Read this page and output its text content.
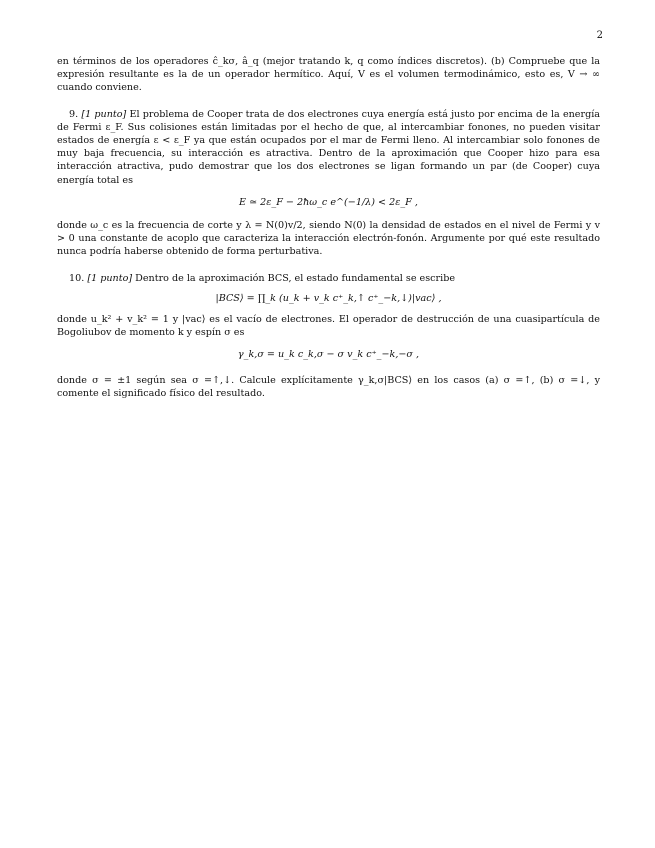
2

en términos de los operadores ĉ_kσ, â_q (mejor tratando k, q como índices discretos). (b) Compruebe que la expresión resultante es la de un operador hermítico. Aquí, V es el volumen termodinámico, esto es, V → ∞ cuando conviene.

9. [1 punto] El problema de Cooper trata de dos electrones cuya energía está justo por encima de la energía de Fermi ε_F. Sus colisiones están limitadas por el hecho de que, al intercambiar fonones, no pueden visitar estados de energía ε < ε_F ya que están ocupados por el mar de Fermi lleno. Al intercambiar solo fonones de muy baja frecuencia, su interacción es atractiva. Dentro de la aproximación que Cooper hizo para esa interacción atractiva, pudo demostrar que los dos electrones se ligan formando un par (de Cooper) cuya energía total es

E ≃ 2ε_F − 2ħω_c e^(−1/λ) < 2ε_F ,

donde ω_c es la frecuencia de corte y λ = N(0)v/2, siendo N(0) la densidad de estados en el nivel de Fermi y v > 0 una constante de acoplo que caracteriza la interacción electrón-fonón. Argumente por qué este resultado nunca podría haberse obtenido de forma perturbativa.

10. [1 punto] Dentro de la aproximación BCS, el estado fundamental se escribe

|BCS⟩ = ∏_k (u_k + v_k c⁺_k,↑ c⁺_−k,↓)|vac⟩ ,

donde u_k² + v_k² = 1 y |vac⟩ es el vacío de electrones. El operador de destrucción de una cuasipartícula de Bogoliubov de momento k y espín σ es

γ_k,σ = u_k c_k,σ − σ v_k c⁺_−k,−σ ,

donde σ = ±1 según sea σ =↑,↓. Calcule explícitamente γ_k,σ|BCS⟩ en los casos (a) σ =↑, (b) σ =↓, y comente el significado físico del resultado.
